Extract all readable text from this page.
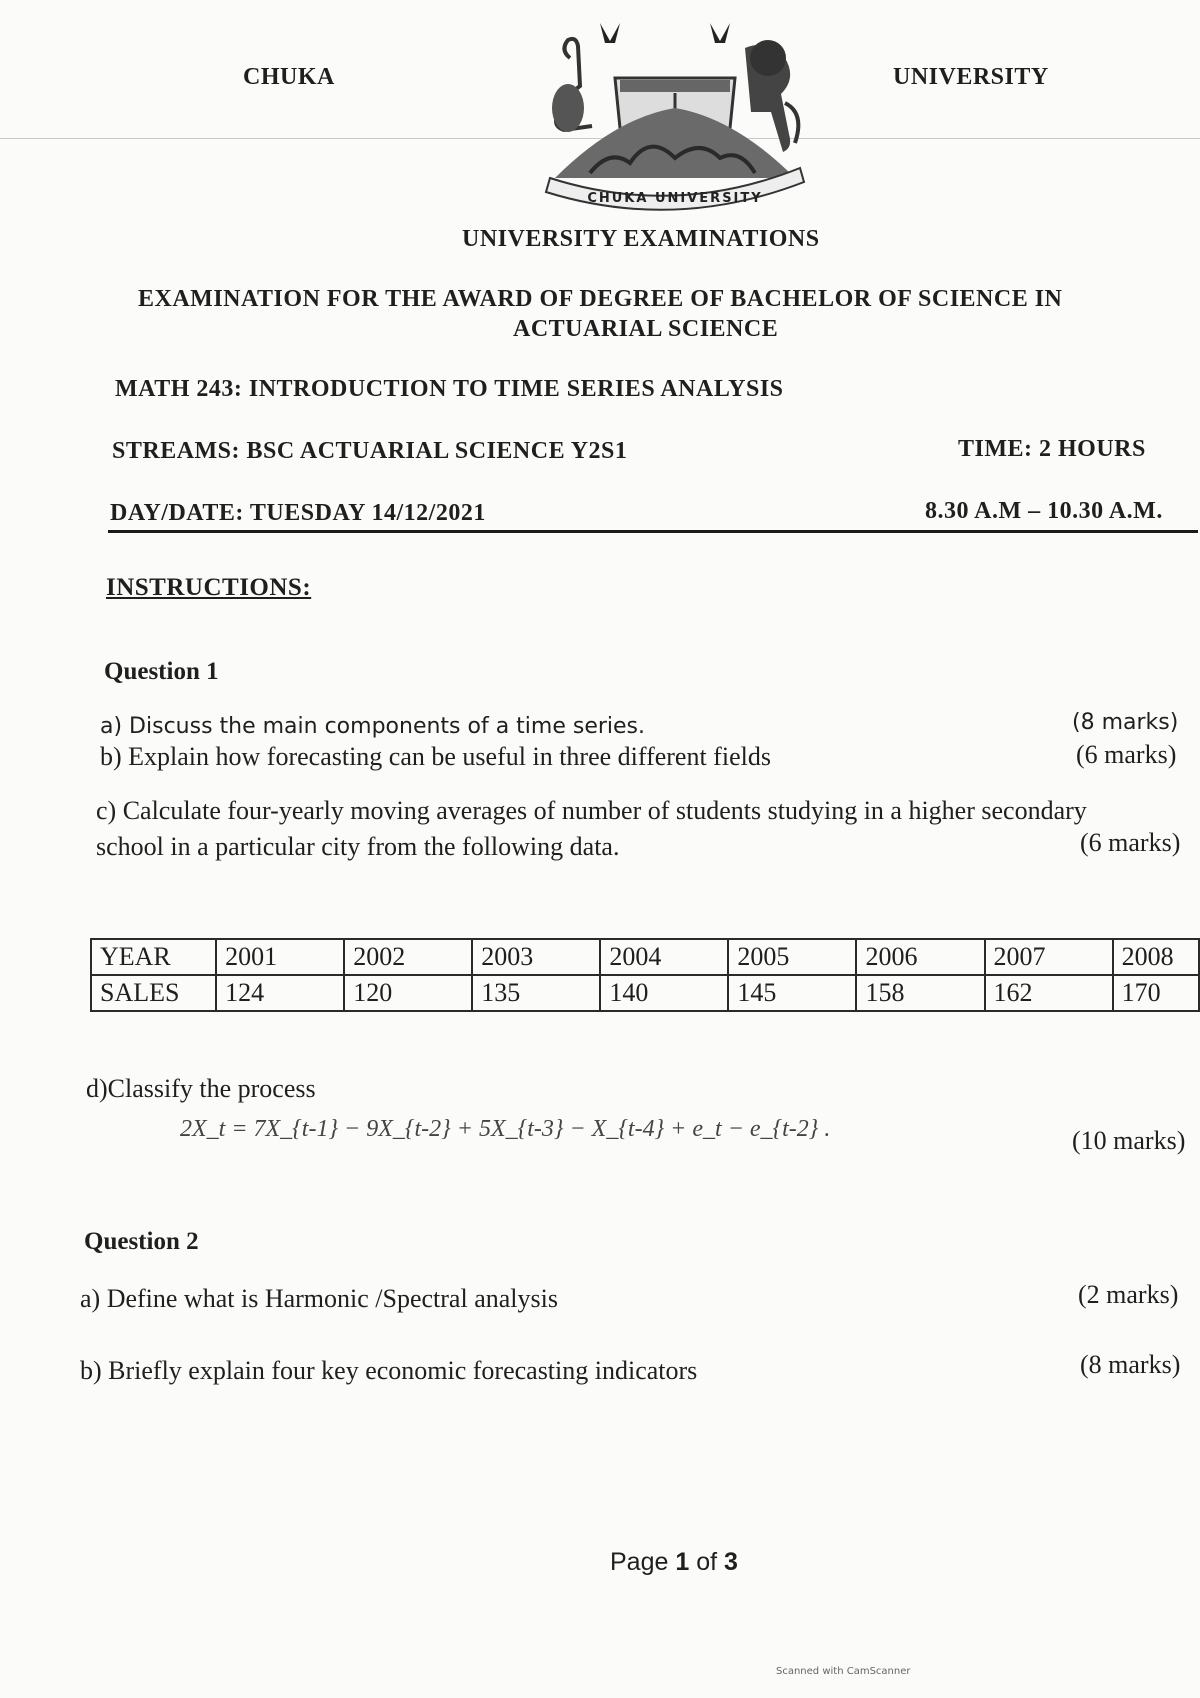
CHUKA	UNIVERSITY
CHUKA UNIVERSITY
UNIVERSITY EXAMINATIONS
EXAMINATION FOR THE AWARD OF DEGREE OF BACHELOR OF SCIENCE IN
ACTUARIAL SCIENCE
MATH 243: INTRODUCTION TO TIME SERIES ANALYSIS
STREAMS: BSC ACTUARIAL SCIENCE Y2S1	TIME: 2 HOURS
DAY/DATE: TUESDAY 14/12/2021	8.30 A.M – 10.30 A.M.
INSTRUCTIONS:
Question 1
a) Discuss the main components of a time series.	(8 marks)
b) Explain how forecasting can be useful in three different fields	(6 marks)
c) Calculate four-yearly moving averages of number of students studying in a higher secondary
school in a particular city from the following data.	(6 marks)
YEAR	2001	2002	2003	2004	2005	2006	2007	2008
SALES	124	120	135	140	145	158	162	170
d)Classify the process
2X_t = 7X_{t-1} − 9X_{t-2} + 5X_{t-3} − X_{t-4} + e_t − e_{t-2} .	(10 marks)
Question 2
a) Define what is Harmonic /Spectral analysis	(2 marks)
b) Briefly explain four key economic forecasting indicators	(8 marks)
Page 1 of 3
Scanned with CamScanner
